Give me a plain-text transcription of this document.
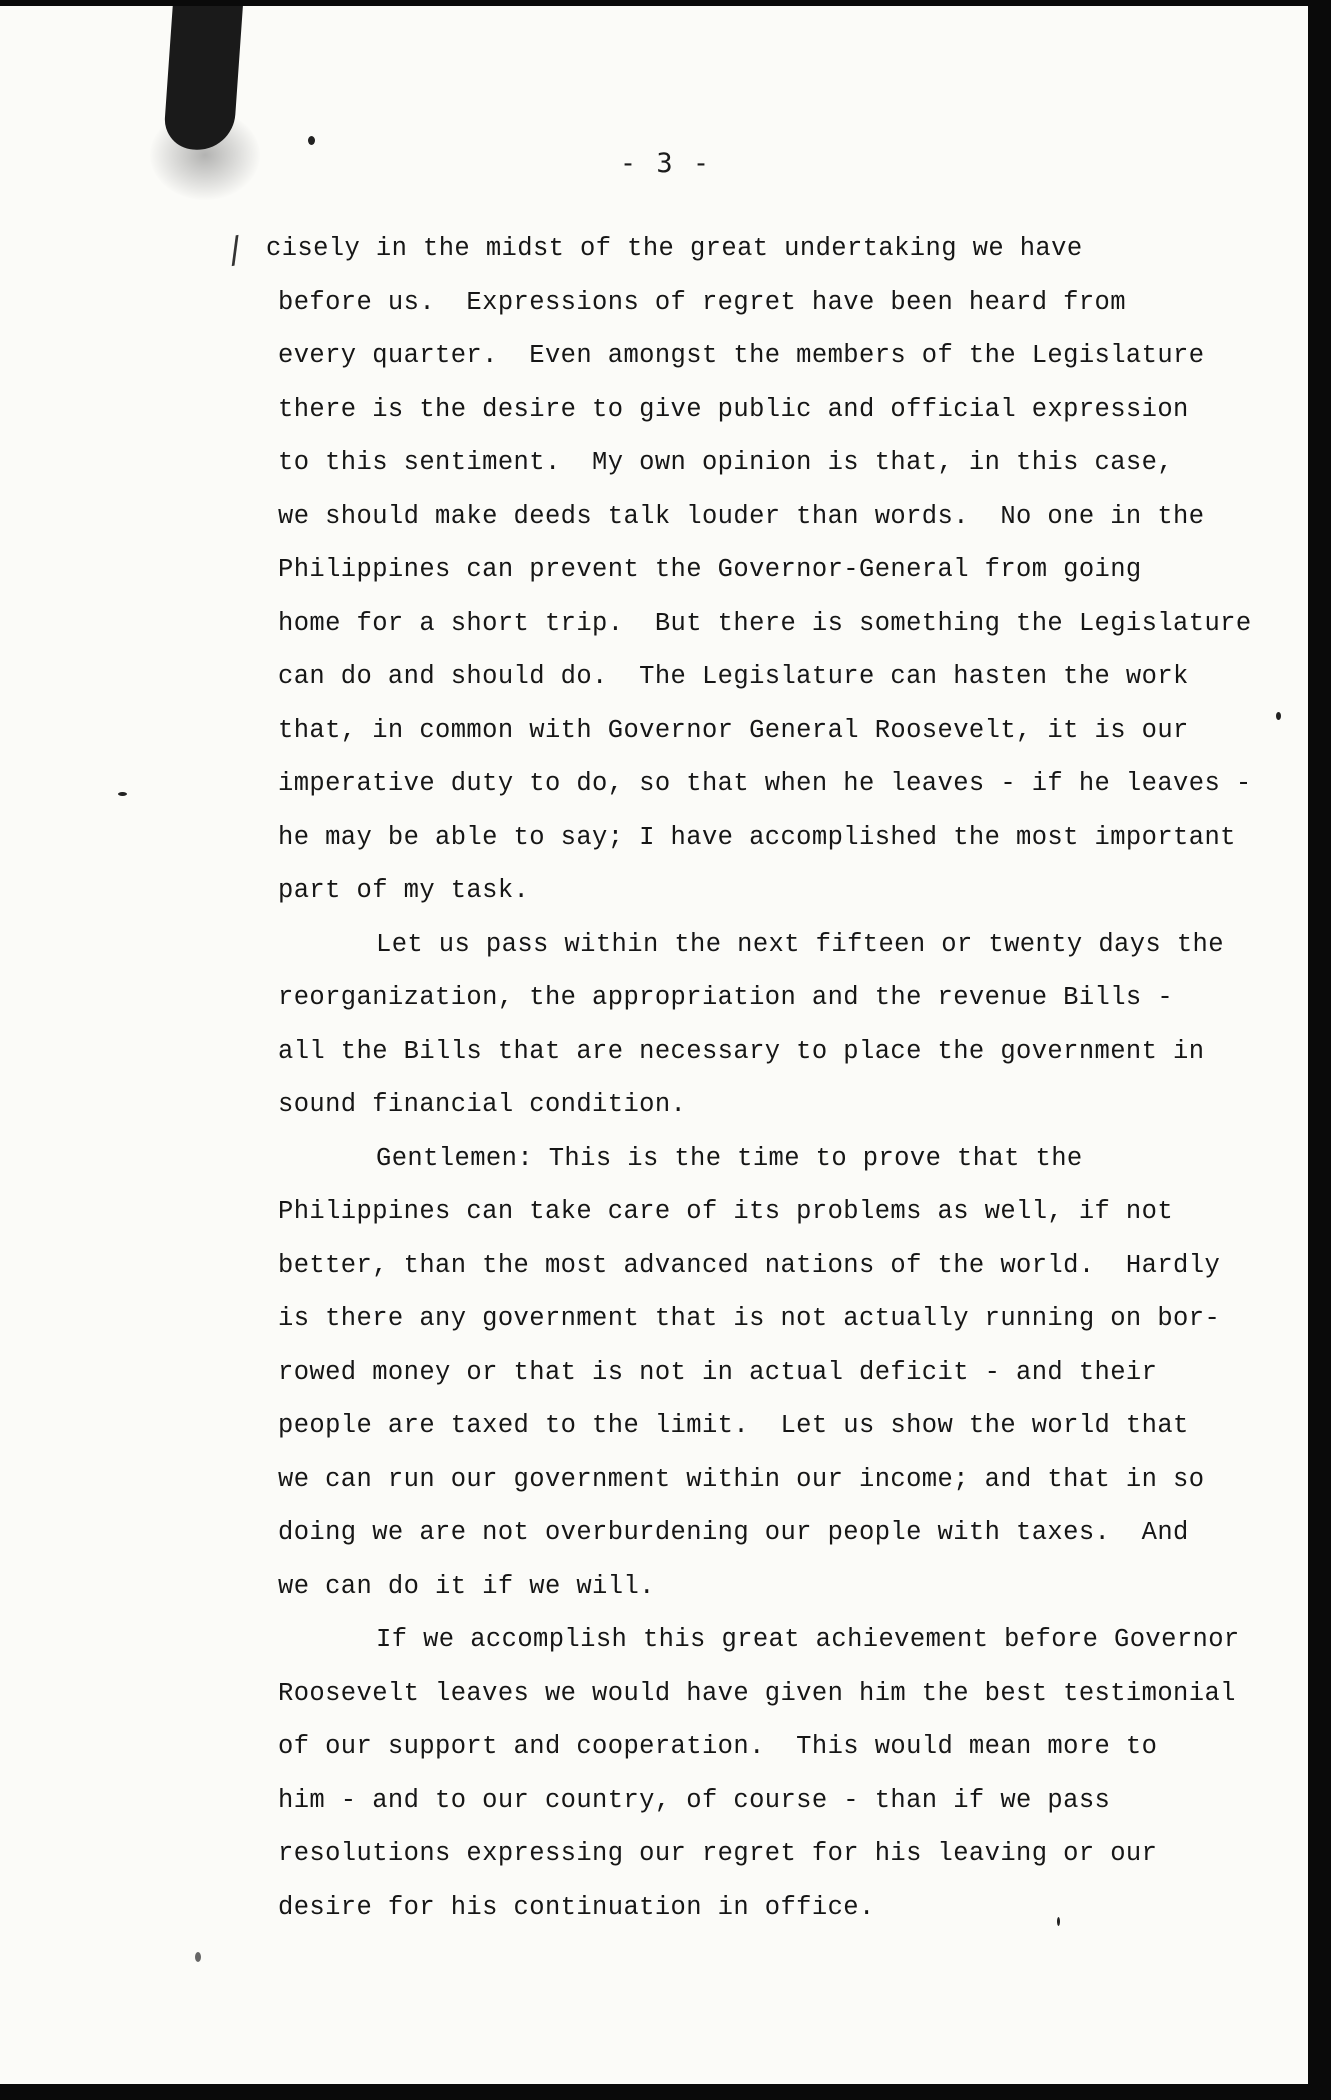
/
- 3 -
cisely in the midst of the great undertaking we have
before us.  Expressions of regret have been heard from
every quarter.  Even amongst the members of the Legislature
there is the desire to give public and official expression
to this sentiment.  My own opinion is that, in this case,
we should make deeds talk louder than words.  No one in the
Philippines can prevent the Governor-General from going
home for a short trip.  But there is something the Legislature
can do and should do.  The Legislature can hasten the work
that, in common with Governor General Roosevelt, it is our
imperative duty to do, so that when he leaves - if he leaves -
he may be able to say; I have accomplished the most important
part of my task.
Let us pass within the next fifteen or twenty days the
reorganization, the appropriation and the revenue Bills -
all the Bills that are necessary to place the government in
sound financial condition.
Gentlemen: This is the time to prove that the
Philippines can take care of its problems as well, if not
better, than the most advanced nations of the world.  Hardly
is there any government that is not actually running on bor-
rowed money or that is not in actual deficit - and their
people are taxed to the limit.  Let us show the world that
we can run our government within our income; and that in so
doing we are not overburdening our people with taxes.  And
we can do it if we will.
If we accomplish this great achievement before Governor
Roosevelt leaves we would have given him the best testimonial
of our support and cooperation.  This would mean more to
him - and to our country, of course - than if we pass
resolutions expressing our regret for his leaving or our
desire for his continuation in office.
